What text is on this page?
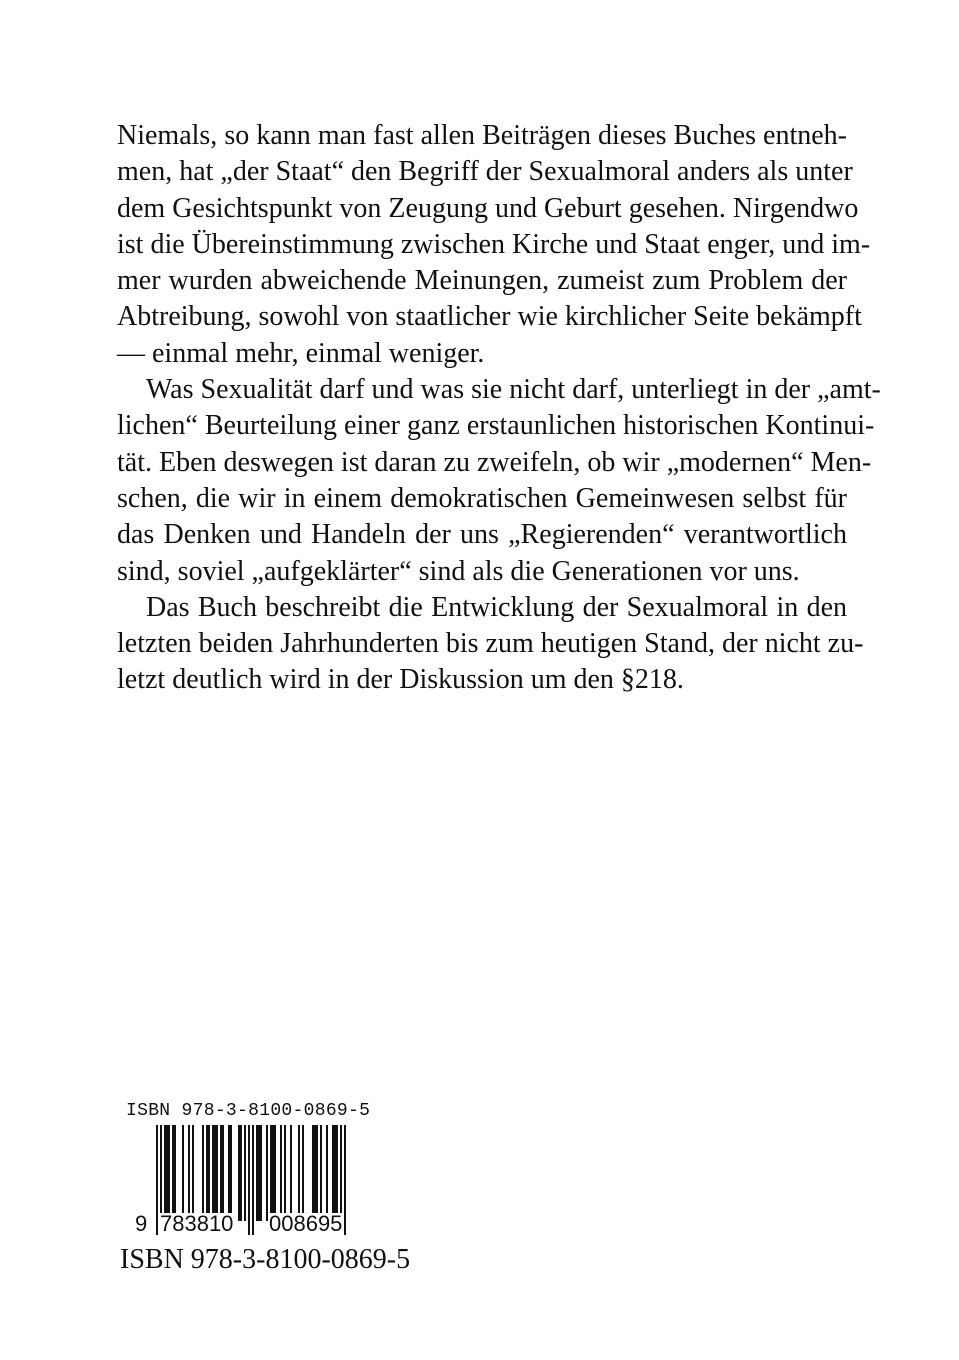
Niemals, so kann man fast allen Beiträgen dieses Buches entneh-
men, hat „der Staat“ den Begriff der Sexualmoral anders als unter
dem Gesichtspunkt von Zeugung und Geburt gesehen. Nirgendwo
ist die Übereinstimmung zwischen Kirche und Staat enger, und im-
mer wurden abweichende Meinungen, zumeist zum Problem der
Abtreibung, sowohl von staatlicher wie kirchlicher Seite bekämpft
— einmal mehr, einmal weniger.
Was Sexualität darf und was sie nicht darf, unterliegt in der „amt-
lichen“ Beurteilung einer ganz erstaunlichen historischen Kontinui-
tät. Eben deswegen ist daran zu zweifeln, ob wir „modernen“ Men-
schen, die wir in einem demokratischen Gemeinwesen selbst für
das Denken und Handeln der uns „Regierenden“ verantwortlich
sind, soviel „aufgeklärter“ sind als die Generationen vor uns.
Das Buch beschreibt die Entwicklung der Sexualmoral in den
letzten beiden Jahrhunderten bis zum heutigen Stand, der nicht zu-
letzt deutlich wird in der Diskussion um den §218.
ISBN 978-3-8100-0869-5
9 783810 008695
ISBN 978-3-8100-0869-5
